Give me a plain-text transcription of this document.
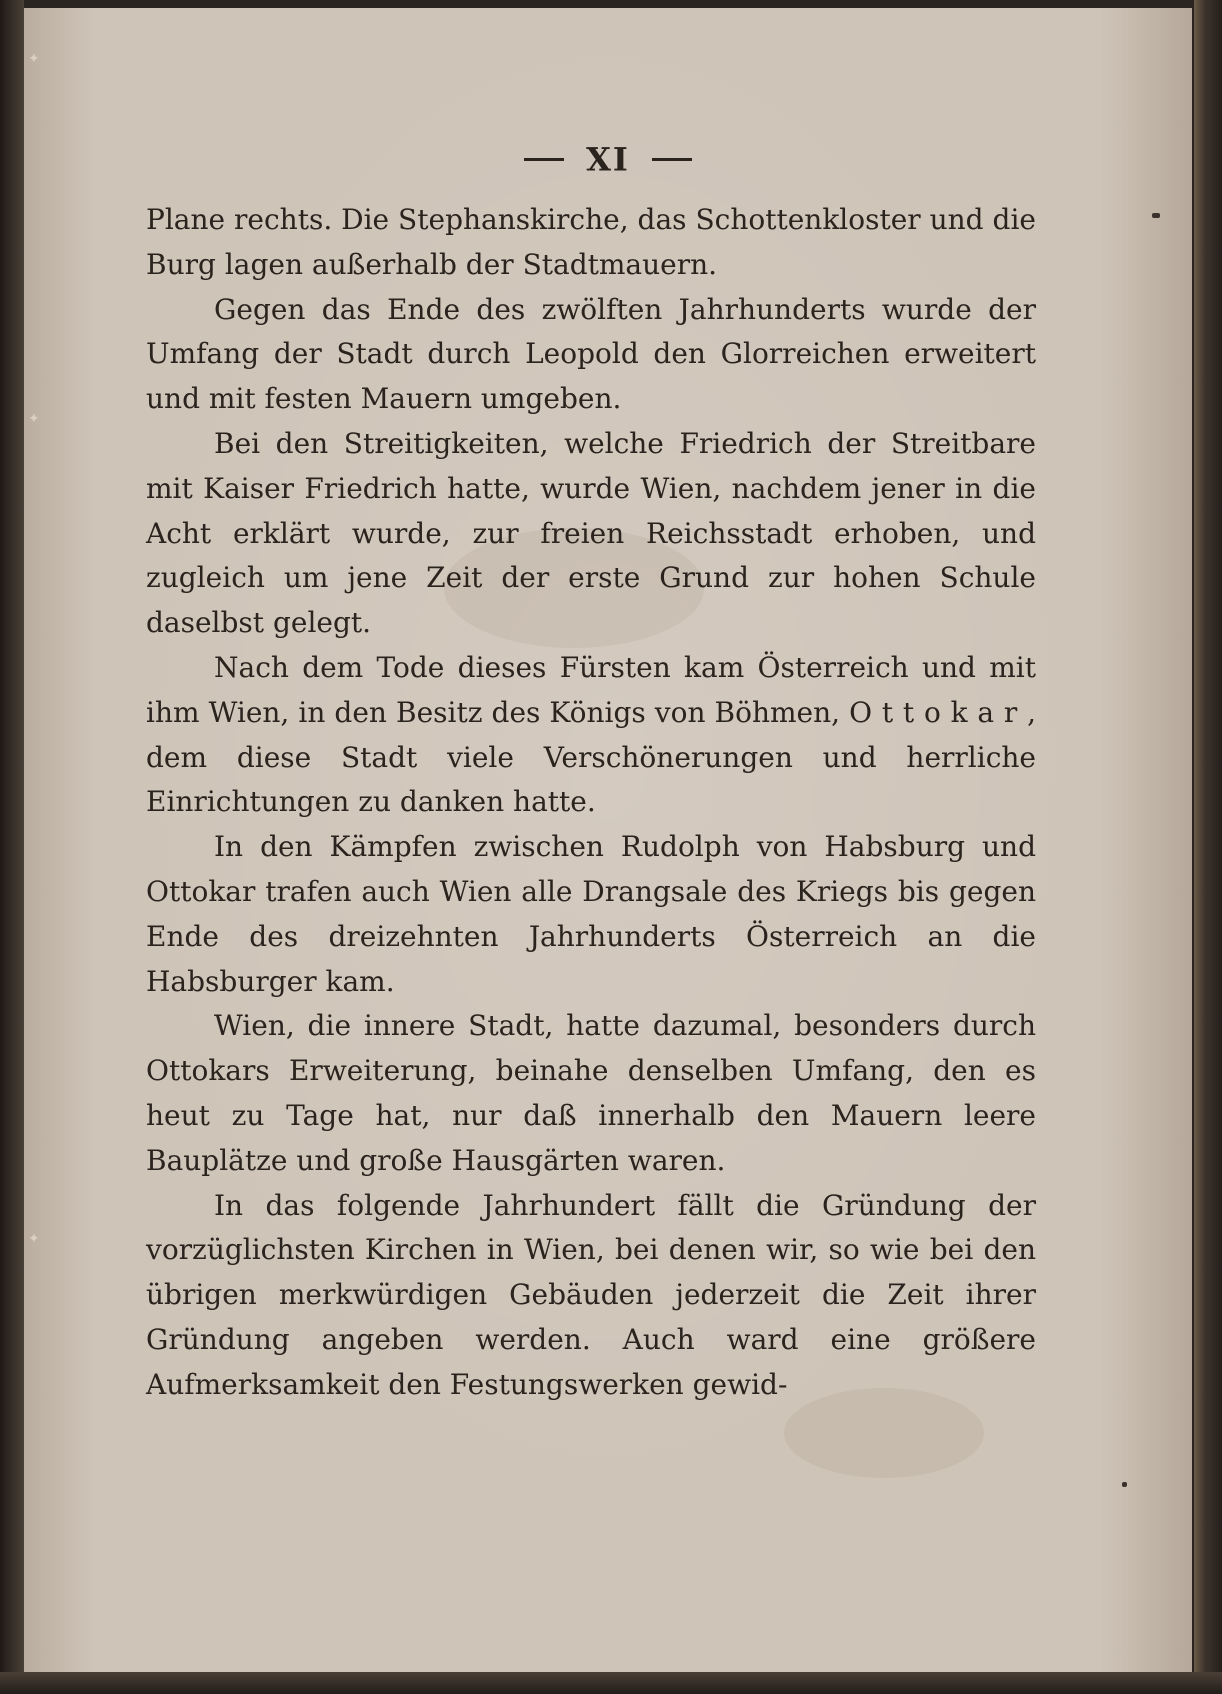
✦
✦
✦
XI

Plane rechts. Die Stephanskirche, das Schottenkloster und die Burg lagen außerhalb der Stadtmauern.

Gegen das Ende des zwölften Jahrhunderts wurde der Umfang der Stadt durch Leopold den Glorreichen erweitert und mit festen Mauern umgeben.

Bei den Streitigkeiten, welche Friedrich der Streitbare mit Kaiser Friedrich hatte, wurde Wien, nachdem jener in die Acht erklärt wurde, zur freien Reichsstadt erhoben, und zugleich um jene Zeit der erste Grund zur hohen Schule daselbst gelegt.

Nach dem Tode dieses Fürsten kam Österreich und mit ihm Wien, in den Besitz des Königs von Böhmen, Ottokar, dem diese Stadt viele Verschönerungen und herrliche Einrichtungen zu danken hatte.

In den Kämpfen zwischen Rudolph von Habsburg und Ottokar trafen auch Wien alle Drangsale des Kriegs bis gegen Ende des dreizehnten Jahrhunderts Österreich an die Habsburger kam.

Wien, die innere Stadt, hatte dazumal, besonders durch Ottokars Erweiterung, beinahe denselben Umfang, den es heut zu Tage hat, nur daß innerhalb den Mauern leere Bauplätze und große Hausgärten waren.

In das folgende Jahrhundert fällt die Gründung der vorzüglichsten Kirchen in Wien, bei denen wir, so wie bei den übrigen merkwürdigen Gebäuden jederzeit die Zeit ihrer Gründung angeben werden. Auch ward eine größere Aufmerksamkeit den Festungswerken gewid-
